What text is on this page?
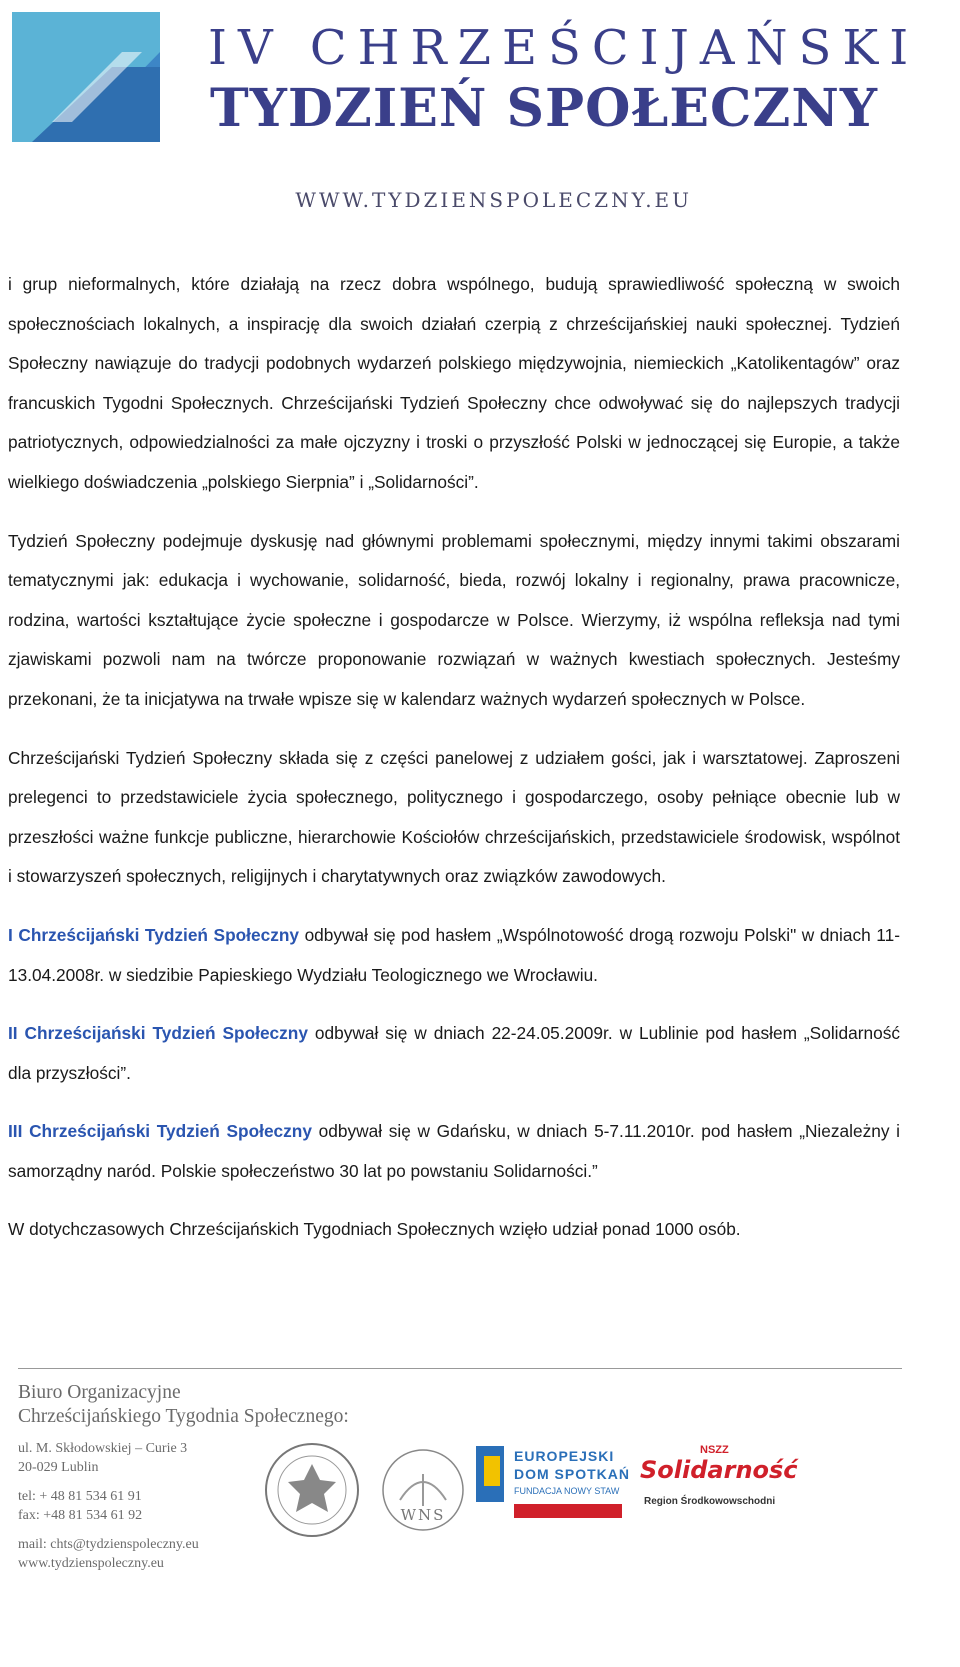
IV CHRZEŚCIJAŃSKI
TYDZIEŃ SPOŁECZNY
WWW.TYDZIENSPOLECZNY.EU

i grup nieformalnych, które działają na rzecz dobra wspólnego, budują sprawiedliwość społeczną w swoich społecznościach lokalnych, a inspirację dla swoich działań czerpią z chrześcijańskiej nauki społecznej. Tydzień Społeczny nawiązuje do tradycji podobnych wydarzeń polskiego międzywojnia, niemieckich „Katolikentagów” oraz francuskich Tygodni Społecznych. Chrześcijański Tydzień Społeczny chce odwoływać się do najlepszych tradycji patriotycznych, odpowiedzialności za małe ojczyzny i troski o przyszłość Polski w jednoczącej się Europie, a także wielkiego doświadczenia „polskiego Sierpnia” i „Solidarności”.

Tydzień Społeczny podejmuje dyskusję nad głównymi problemami społecznymi, między innymi takimi obszarami tematycznymi jak: edukacja i wychowanie, solidarność, bieda, rozwój lokalny i regionalny, prawa pracownicze, rodzina, wartości kształtujące życie społeczne i gospodarcze w Polsce. Wierzymy, iż wspólna refleksja nad tymi zjawiskami pozwoli nam na twórcze proponowanie rozwiązań w ważnych kwestiach społecznych. Jesteśmy przekonani, że ta inicjatywa na trwałe wpisze się w kalendarz ważnych wydarzeń społecznych w Polsce.

Chrześcijański Tydzień Społeczny składa się z części panelowej z udziałem gości, jak i warsztatowej. Zaproszeni prelegenci to przedstawiciele życia społecznego, politycznego i gospodarczego, osoby pełniące obecnie lub w przeszłości ważne funkcje publiczne, hierarchowie Kościołów chrześcijańskich, przedstawiciele środowisk, wspólnot i stowarzyszeń społecznych, religijnych i charytatywnych oraz związków zawodowych.

I Chrześcijański Tydzień Społeczny odbywał się pod hasłem „Wspólnotowość drogą rozwoju Polski" w dniach 11-13.04.2008r. w siedzibie Papieskiego Wydziału Teologicznego we Wrocławiu.

II Chrześcijański Tydzień Społeczny odbywał się w dniach 22-24.05.2009r. w Lublinie pod hasłem „Solidarność dla przyszłości”.

III Chrześcijański Tydzień Społeczny odbywał się w Gdańsku, w dniach 5-7.11.2010r. pod hasłem „Niezależny i samorządny naród. Polskie społeczeństwo 30 lat po powstaniu Solidarności.”

W dotychczasowych Chrześcijańskich Tygodniach Społecznych wzięło udział ponad 1000 osób.

Biuro Organizacyjne
Chrześcijańskiego Tygodnia Społecznego:
ul. M. Skłodowskiej – Curie 3
20-029 Lublin
tel: + 48 81 534 61 91
fax: +48 81 534 61 92
mail: chts@tydzienspoleczny.eu
www.tydzienspoleczny.eu
WNS
EUROPEJSKI
DOM SPOTKAŃ
FUNDACJA NOWY STAW
NSZZ
Solidarność
Region Środkowowschodni
